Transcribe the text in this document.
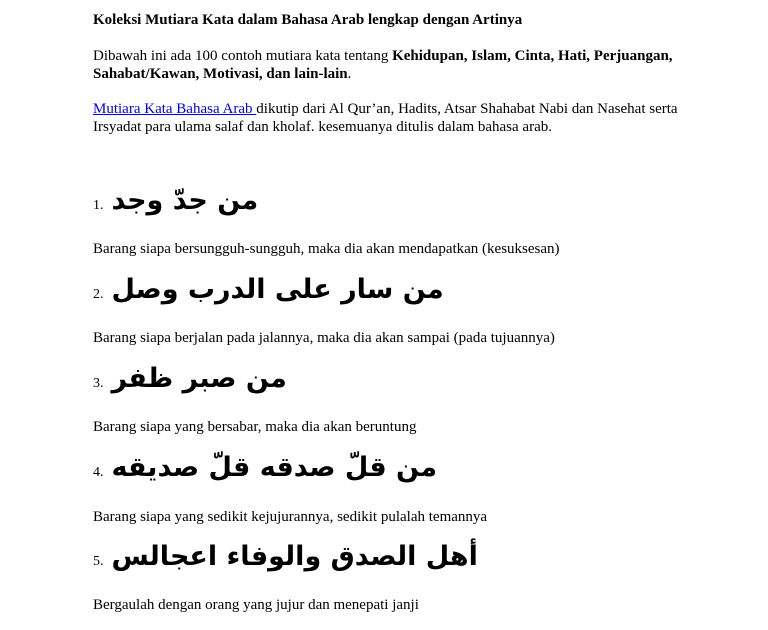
Koleksi Mutiara Kata dalam Bahasa Arab lengkap dengan Artinya
Dibawah ini ada 100 contoh mutiara kata tentang Kehidupan, Islam, Cinta, Hati, Perjuangan, Sahabat/Kawan, Motivasi, dan lain-lain.
Mutiara Kata Bahasa Arab dikutip dari Al Qur’an, Hadits, Atsar Shahabat Nabi dan Nasehat serta Irsyadat para ulama salaf dan kholaf. kesemuanya ditulis dalam bahasa arab.
1. من جدّ وجد
Barang siapa bersungguh-sungguh, maka dia akan mendapatkan (kesuksesan)
2. من سار علی الدرب وصل
Barang siapa berjalan pada jalannya, maka dia akan sampai (pada tujuannya)
3. من صبر ظفر
Barang siapa yang bersabar, maka dia akan beruntung
4. من قلّ صدقه قلّ صديقه
Barang siapa yang sedikit kejujurannya, sedikit pulalah temannya
5. أهل الصدق والوفاء اعجالس
Bergaulah dengan orang yang jujur dan menepati janji
